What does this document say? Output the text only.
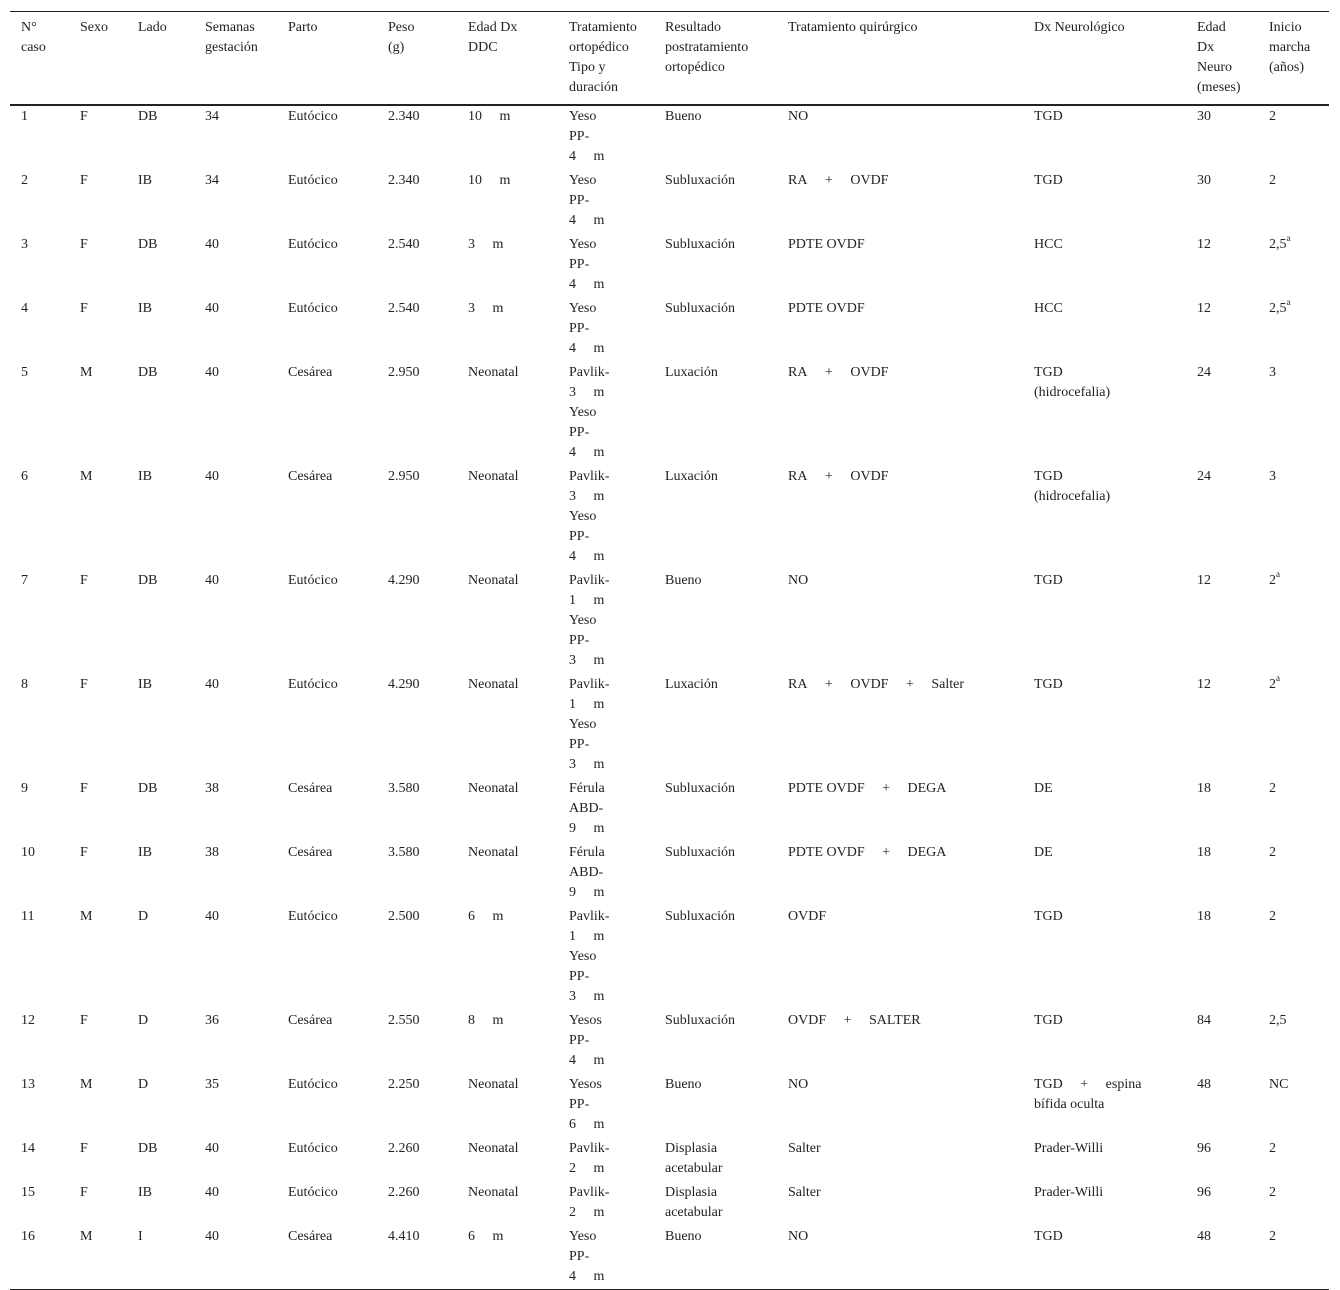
N°
caso	Sexo	Lado	Semanas
gestación	Parto	Peso
(g)	Edad Dx
DDC	Tratamiento
ortopédico
Tipo y
duración	Resultado
postratamiento
ortopédico	Tratamiento quirúrgico	Dx Neurológico	Edad
Dx
Neuro
(meses)	Inicio
marcha
(años)
1	F	DB	34	Eutócico	2.340	10  m	Yeso
PP-
4  m	Bueno	NO	TGD	30	2
2	F	IB	34	Eutócico	2.340	10  m	Yeso
PP-
4  m	Subluxación	RA  +  OVDF	TGD	30	2
3	F	DB	40	Eutócico	2.540	3  m	Yeso
PP-
4  m	Subluxación	PDTE OVDF	HCC	12	2,5$^a$
4	F	IB	40	Eutócico	2.540	3  m	Yeso
PP-
4  m	Subluxación	PDTE OVDF	HCC	12	2,5$^a$
5	M	DB	40	Cesárea	2.950	Neonatal	Pavlik-
3  m
Yeso
PP-
4  m	Luxación	RA  +  OVDF	TGD
(hidrocefalia)	24	3
6	M	IB	40	Cesárea	2.950	Neonatal	Pavlik-
3  m
Yeso
PP-
4  m	Luxación	RA  +  OVDF	TGD
(hidrocefalia)	24	3
7	F	DB	40	Eutócico	4.290	Neonatal	Pavlik-
1  m
Yeso
PP-
3  m	Bueno	NO	TGD	12	2$^a$
8	F	IB	40	Eutócico	4.290	Neonatal	Pavlik-
1  m
Yeso
PP-
3  m	Luxación	RA  +  OVDF  +  Salter	TGD	12	2$^a$
9	F	DB	38	Cesárea	3.580	Neonatal	Férula
ABD-
9  m	Subluxación	PDTE OVDF  +  DEGA	DE	18	2
10	F	IB	38	Cesárea	3.580	Neonatal	Férula
ABD-
9  m	Subluxación	PDTE OVDF  +  DEGA	DE	18	2
11	M	D	40	Eutócico	2.500	6  m	Pavlik-
1  m
Yeso
PP-
3  m	Subluxación	OVDF	TGD	18	2
12	F	D	36	Cesárea	2.550	8  m	Yesos
PP-
4  m	Subluxación	OVDF  +  SALTER	TGD	84	2,5
13	M	D	35	Eutócico	2.250	Neonatal	Yesos
PP-
6  m	Bueno	NO	TGD  +  espina
bífida oculta	48	NC
14	F	DB	40	Eutócico	2.260	Neonatal	Pavlik-
2  m	Displasia
acetabular	Salter	Prader-Willi	96	2
15	F	IB	40	Eutócico	2.260	Neonatal	Pavlik-
2  m	Displasia
acetabular	Salter	Prader-Willi	96	2
16	M	I	40	Cesárea	4.410	6  m	Yeso
PP-
4  m	Bueno	NO	TGD	48	2
